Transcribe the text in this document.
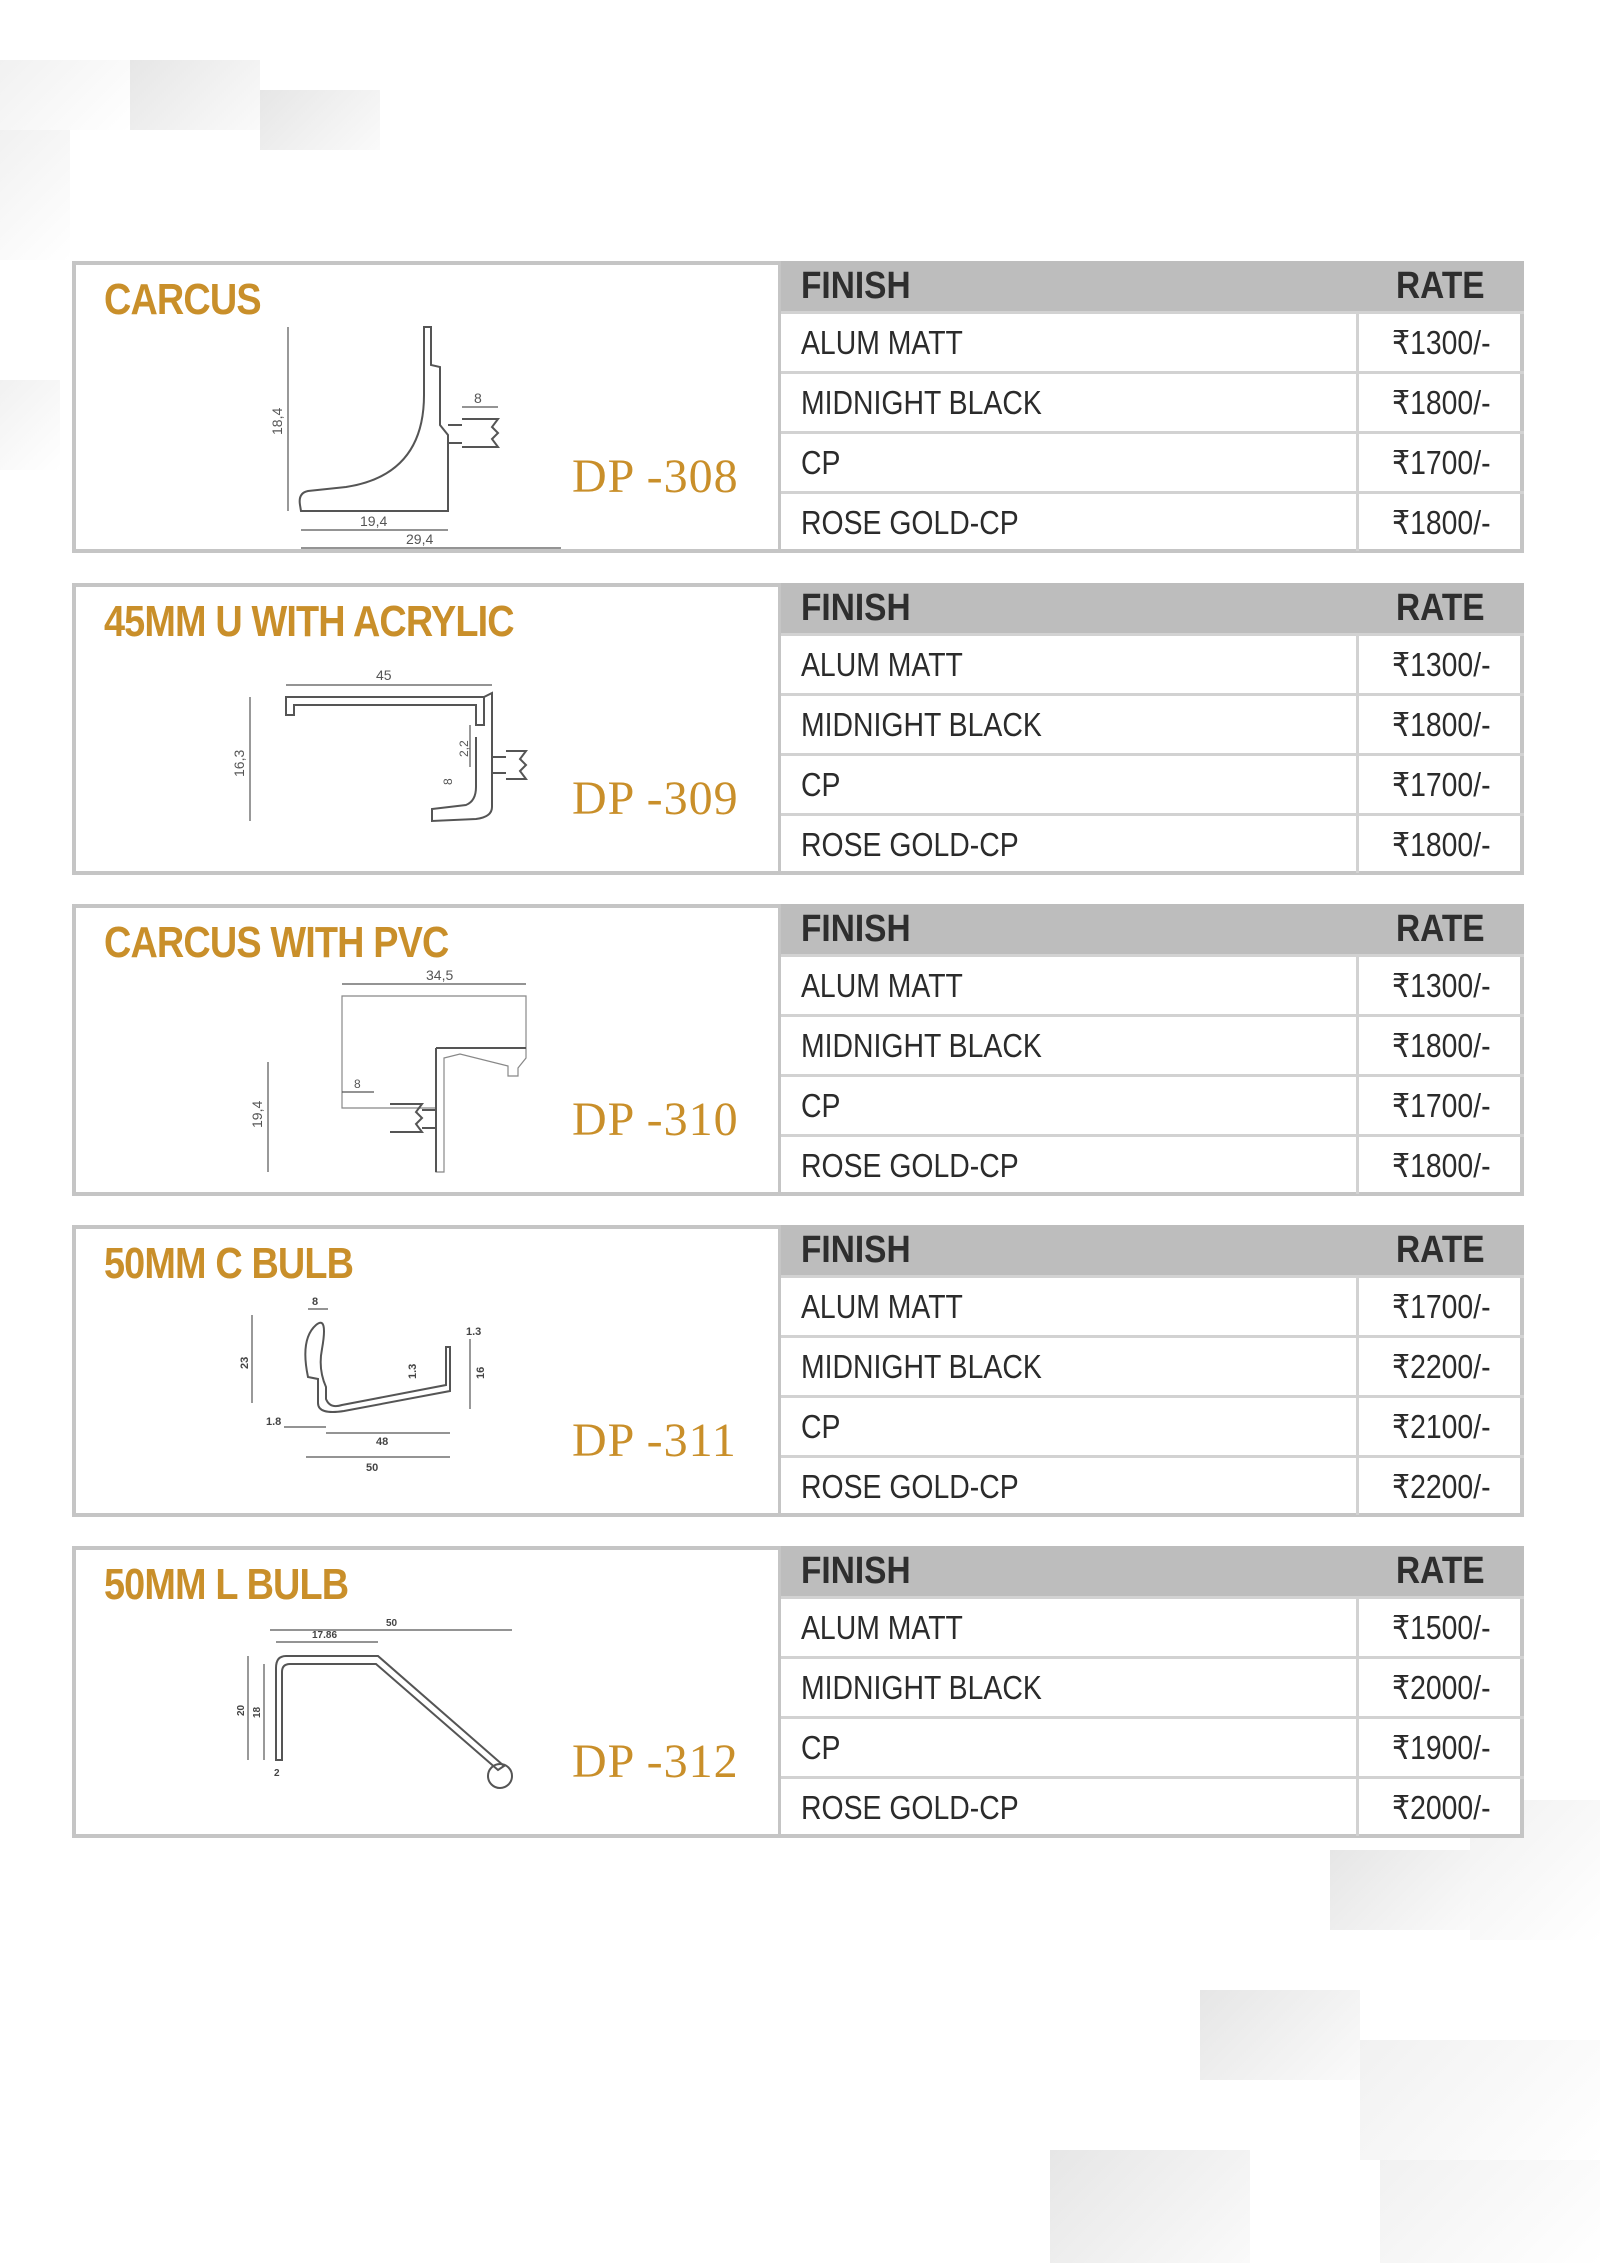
CARCUS
18,4
8
19,4
29,4
DP -308
FINISH	RATE
ALUM MATT	₹1300/-
MIDNIGHT BLACK	₹1800/-
CP	₹1700/-
ROSE GOLD-CP	₹1800/-
45MM U WITH ACRYLIC
45
16,3
2,2
8 DP -309
FINISH	RATE
ALUM MATT	₹1300/-
MIDNIGHT BLACK	₹1800/-
CP	₹1700/-
ROSE GOLD-CP	₹1800/-
CARCUS WITH PVC
34,5
8
19,4	DP -310
FINISH	RATE
ALUM MATT	₹1300/-
MIDNIGHT BLACK	₹1800/-
CP	₹1700/-
ROSE GOLD-CP	₹1800/-
50MM C BULB
8
1.3
23
1.3	16
1.8
48
50
DP -311
FINISH	RATE
ALUM MATT	₹1700/-
MIDNIGHT BLACK	₹2200/-
CP	₹2100/-
ROSE GOLD-CP	₹2200/-
50MM L BULB
50
17.86
20 18
2	DP -312
FINISH	RATE
ALUM MATT	₹1500/-
MIDNIGHT BLACK	₹2000/-
CP	₹1900/-
ROSE GOLD-CP	₹2000/-
